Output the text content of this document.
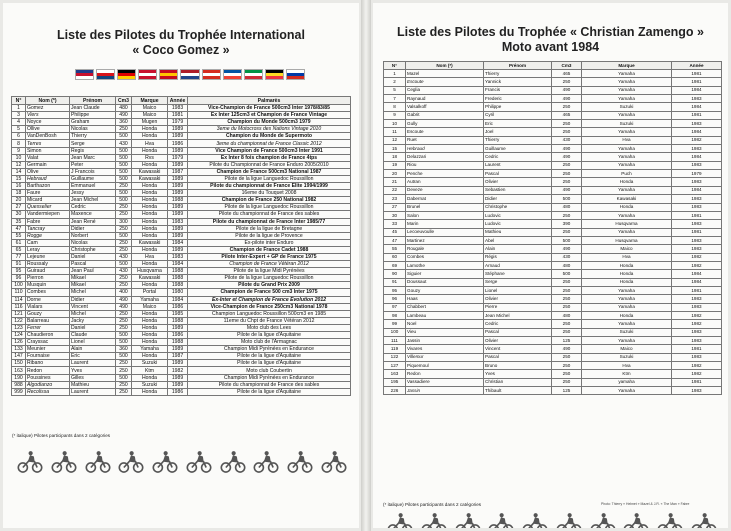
Liste des Pilotes du Trophée International
« Coco Gomez »
N°	Nom (*)	Prénom	Cm3	Marque	Année	Palmarès
1	Gomez	Jean Claude	480	Maico	1983	Vice-Champion de France 500cm3 Inter 1978/83/85
3	Viers	Philippe	490	Maico	1981	Ex Inter 125cm3 et Champion de France Vintage
4	Noyce	Graham	360	Mugen	1979	Champion du Monde 500cm3 1979
5	Ollive	Nicolas	250	Honda	1989	3eme du Motocross des Nations Vintage 2010
6	VanDenBosh	Thierry	500	Honda	1989	Champion du Monde de Supermoto
8	Terres	Serge	430	Hva	1986	3eme du championnat de France Classic 2012
9	Simon	Regis	500	Honda	1989	Vice Champion de France 500cm3 Inter 1991
10	Valat	Jean Marc	500	Rvs	1979	Ex Inter 8 fois champion de France 4tps
12	Germain	Peter	500	Honda	1989	Pilote du Championnat de France Enduro 2005/2010
14	Olive	J Francois	500	Kawasaki	1987	Champion de France 500cm3 National 1987
15	Hebraud	Guillaume	500	Kawasaki	1989	Pilote de la ligue Languedoc Roussillon
16	Barthazon	Emmanuel	250	Honda	1989	Pilote du championnat de France Elite 1994/1999
18	Faure	Jessy	500	Honda	1989	16eme du Touquet 2008
20	Micard	Jean Michel	500	Honda	1988	Champion de France 250 National 1982
27	Quesselier	Cedric	250	Honda	1989	Pilote de la ligue Languedoc Roussillon
30	Vandermiepen	Maxence	250	Honda	1989	Pilote du championnat de France des sables
35	Fabre	Jean René	300	Honda	1983	Pilote du championnat de France Inter 1985/77
47	Tancray	Didier	250	Honda	1989	Pilote de la ligue de Bretagne
55	Rogge	Norbert	500	Honda	1989	Pilote de la ligue de Provence
61	Cam	Nicolas	250	Kawasaki	1984	Ex-pilote inter Enduro
65	Leray	Christophe	250	Honda	1989	Champion de France Cadet 1988
77	Lejeune	Daniel	430	Hva	1983	Pilote Inter-Expert + GP de France 1975
91	Roussaly	Pascal	500	Honda	1984	Champion de France Vétéran 2012
95	Guiraud	Jean Paul	430	Husqvarna	1988	Pilote de la ligue Midi Pyrénées
96	Pierron	Mikael	250	Kawasaki	1988	Pilote de la ligue Languedoc Roussillon
100	Musquin	Mikael	250	Honda	1988	Pilote du Grand Prix 2009
110	Combes	Michel	400	Portal	1980	Champion de France 500 cm3 Inter 1975
114	Dorne	Didier	490	Yamaha	1984	Ex-Inter et Champion de France Evolution 2012
116	Vialars	Vincent	490	Maico	1986	Vice-Champion de France 250cm3 National 1978
121	Gouzy	Michel	250	Honda	1985	Champion Languedoc Roussillon 500cm3 en 1985
122	Balarreau	Jacky	250	Honda	1988	11eme du Chpt de France Vétéran 2012
123	Ferrer	Daniel	250	Honda	1989	Moto club des Lees
124	Chaudieron	Claude	500	Honda	1986	Pilote de la ligue d'Aquitaine
126	Crayssac	Lionel	500	Honda	1988	Moto club de l'Armagnac
133	Meunier	Alain	360	Yamaha	1989	Champion Midi Pyrénées en Endurance
147	Fournaise	Eric	500	Honda	1987	Pilote de la ligue d'Aquitaine
150	Ribano	Laurent	250	Suzuki	1989	Pilote de la ligue d'Aquitaine
163	Redon	Yves	250	Ktm	1982	Moto club Coubertin
190	Poussines	Gilles	500	Honda	1989	Champion Midi Pyrénées en Endurance
988	Algodianzo	Mathieu	250	Suzuki	1989	Pilote du championnat de France des sables
999	Recolissa	Laurent	250	Honda	1986	Pilote de la ligue d'Aquitaine
(* italique) Pilotes participants dans 2 catégories
Liste des Pilotes du Trophée « Christian Zamengo »
Moto avant 1984
N°	Nom (*)	Prénom	Cm3	Marque	Année
1	Mazel	Thierry	465	Yamaha	1981
2	Escoute	Yannick	250	Yamaha	1981
5	Ceglia	Francis	490	Yamaha	1984
7	Raynaud	Frederic	490	Yamaha	1983
8	Valsalkoff	Philippe	250	Suzuki	1984
9	Gabrit	Cyril	465	Yamaha	1981
10	Gully	Eric	250	Suzuki	1983
11	Escoute	Joel	250	Yamaha	1984
12	Ruet	Thierry	430	Hva	1982
15	Hebraud	Guillaume	490	Yamaha	1983
18	Delazzari	Cedric	490	Yamaha	1984
19	Riou	Laurent	250	Yamaha	1983
20	Penche	Pascal	250	Puch	1979
21	Autran	Olivier	250	Honda	1983
22	Deveze	Sebastien	490	Yamaha	1984
23	Dabernat	Didier	500	Kawasaki	1983
27	Brunel	Christophe	480	Honda	1983
30	Salon	Ludovic	250	Yamaha	1981
33	Marin	Ludovic	390	Husqvarna	1983
45	Lecoeuvoulle	Mathieu	250	Yamaha	1981
47	Martinez	Abel	500	Husqvarna	1983
55	Rougale	Alain	490	Maico	1983
60	Combes	Régis	430	Hva	1982
69	Lamothe	Arnaud	480	Honda	1982
90	Siguier	Stéphane	500	Honda	1984
91	Doussaut	Serge	250	Honda	1984
95	Gouzy	Lionel	250	Yamaha	1981
96	Haas	Olivier	250	Yamaha	1983
97	Chabbert	Pierre	250	Yamaha	1983
98	Lambeau	Jean Michel	480	Honda	1982
99	Noel	Cedric	250	Yamaha	1982
100	Vieu	Pascal	250	Suzuki	1983
111	Jassin	Olivier	125	Yamaha	1983
119	Vivares	Vincent	490	Maico	1981
122	Villemur	Pascal	250	Suzuki	1983
127	Piquemoul	Bruno	250	Hva	1982
163	Redon	Yves	250	Ktm	1982
195	Vassadiere	Christian	250	yamaha	1981
226	Jassin	Thibault	125	Yamaha	1983
(* italique) Pilotes participants dans 2 catégories	Photo: Thierry « Helmet » Mazel & J.R. « The Man » Fabre
